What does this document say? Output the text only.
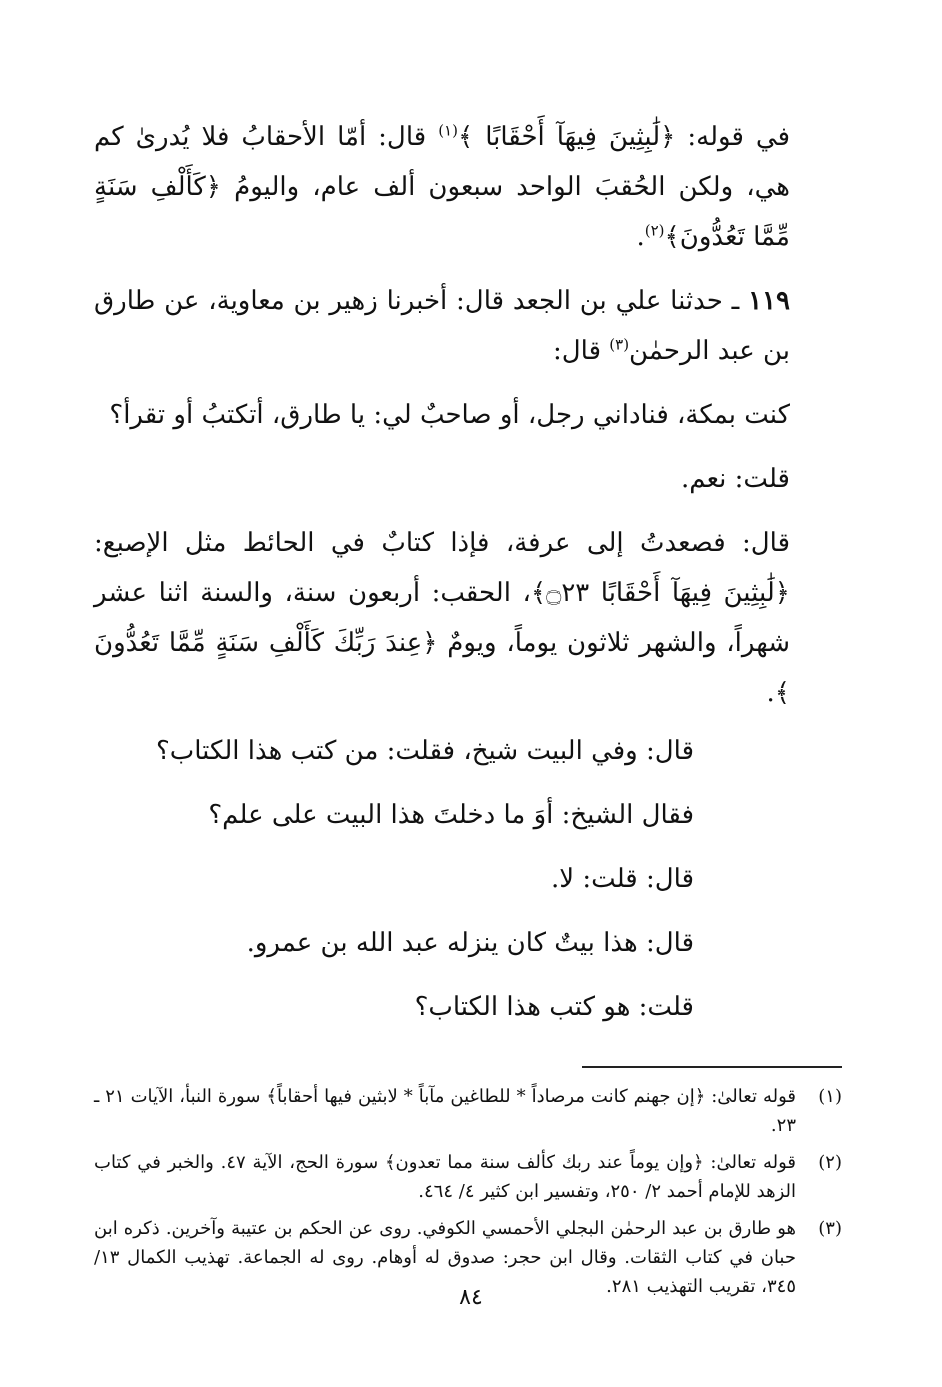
في قوله: ﴿لَٰبِثِينَ فِيهَآ أَحْقَابًا ﴾$^{(١)}$ قال: أمّا الأحقابُ فلا يُدرىٰ كم هي، ولكن الحُقبَ الواحد سبعون ألف عام، واليومُ ﴿كَأَلْفِ سَنَةٍ مِّمَّا تَعُدُّونَ﴾$^{(٢)}$.

١١٩ ـ حدثنا علي بن الجعد قال: أخبرنا زهير بن معاوية، عن طارق بن عبد الرحمٰن$^{(٣)}$ قال:

كنت بمكة، فناداني رجل، أو صاحبٌ لي: يا طارق، أتكتبُ أو تقرأ؟

قلت: نعم.

قال: فصعدتُ إلى عرفة، فإذا كتابٌ في الحائط مثل الإصبع: ﴿لَٰبِثِينَ فِيهَآ أَحْقَابًا ۝٢٣﴾، الحقب: أربعون سنة، والسنة اثنا عشر شهراً، والشهر ثلاثون يوماً، ويومٌ ﴿عِندَ رَبِّكَ كَأَلْفِ سَنَةٍ مِّمَّا تَعُدُّونَ ﴾.

قال: وفي البيت شيخ، فقلت: من كتب هذا الكتاب؟

فقال الشيخ: أوَ ما دخلتَ هذا البيت على علم؟

قال: قلت: لا.

قال: هذا بيتٌ كان ينزله عبد الله بن عمرو.

قلت: هو كتب هذا الكتاب؟

(١)
قوله تعالىٰ: ﴿إن جهنم كانت مرصاداً * للطاغين مآباً * لابثين فيها أحقاباً﴾ سورة النبأ، الآيات ٢١ ـ ٢٣.
(٢)
قوله تعالىٰ: ﴿وإن يوماً عند ربك كألف سنة مما تعدون﴾ سورة الحج، الآية ٤٧. والخبر في كتاب الزهد للإمام أحمد ٢/ ٢٥٠، وتفسير ابن كثير ٤/ ٤٦٤.
(٣)
هو طارق بن عبد الرحمٰن البجلي الأحمسي الكوفي. روى عن الحكم بن عتيبة وآخرين. ذكره ابن حبان في كتاب الثقات. وقال ابن حجر: صدوق له أوهام. روى له الجماعة. تهذيب الكمال ١٣/ ٣٤٥، تقريب التهذيب ٢٨١.
٨٤
